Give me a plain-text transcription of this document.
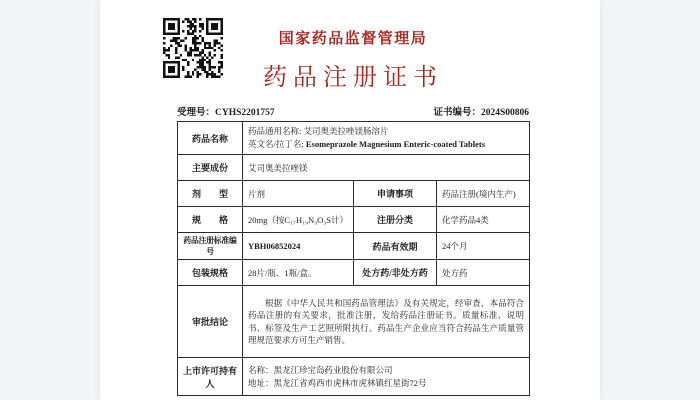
国家药品监督管理局
药品注册证书
受理号：CYHS2201757	证书编号：2024S00806
药品名称	药品通用名称: 艾司奥美拉唑镁肠溶片
英文名/拉丁名: Esomeprazole Magnesium Enteric-coated Tablets		

主要成份	艾司奥美拉唑镁		
剂　　型	片剂	申请事项	药品注册(境内生产)
规　　格	20mg（按C₁₇H₁₉N₃O₃S计）	注册分类	化学药品4类
药品注册标准编号	YBH06852024	药品有效期	24个月
包装规格	28片/瓶、1瓶/盒。	处方药/非处方药	处方药
审批结论	根据《中华人民共和国药品管理法》及有关规定，经审查，本品符合药品注册的有关要求，批准注册，发给药品注册证书。质量标准、说明书、标签及生产工艺照所附执行。药品生产企业应当符合药品生产质量管理规范要求方可生产销售。		

上市许可持有人	名称：黑龙江珍宝岛药业股份有限公司
地址：黑龙江省鸡西市虎林市虎林镇红星街72号		
